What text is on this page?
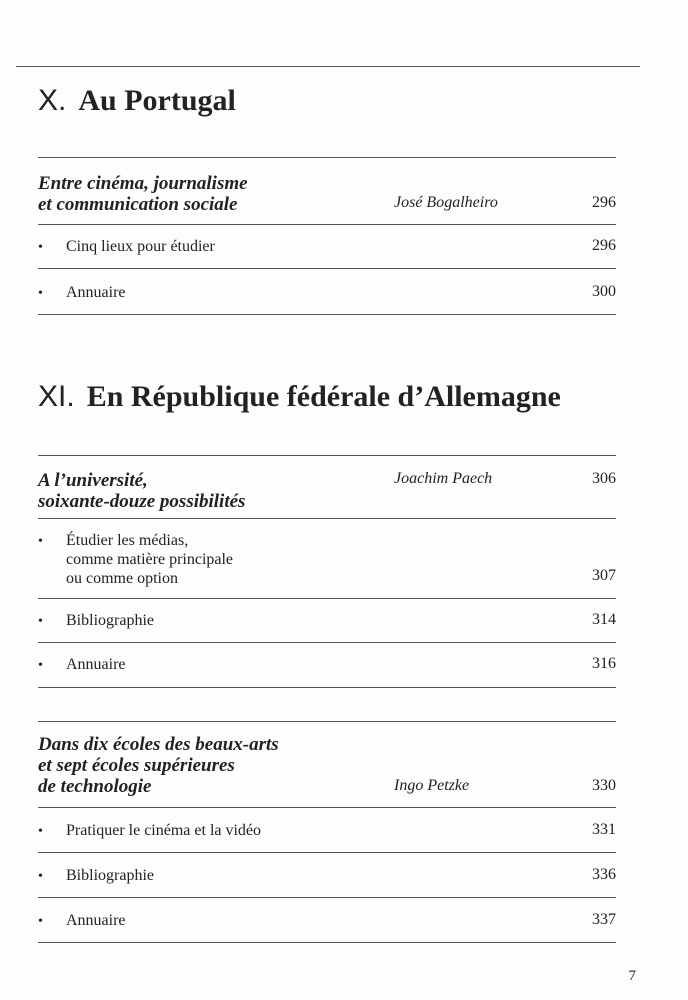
X. Au Portugal
Entre cinéma, journalisme
et communication sociale	José Bogalheiro	296
• Cinq lieux pour étudier	296
• Annuaire	300
XI. En République fédérale d’Allemagne
A l’université,
soixante-douze possibilités
Joachim Paech	306
• Étudier les médias,
comme matière principale
ou comme option	307
• Bibliographie	314
• Annuaire	316
Dans dix écoles des beaux-arts
et sept écoles supérieures
de technologie	Ingo Petzke	330
• Pratiquer le cinéma et la vidéo	331
• Bibliographie	336
• Annuaire	337
7
